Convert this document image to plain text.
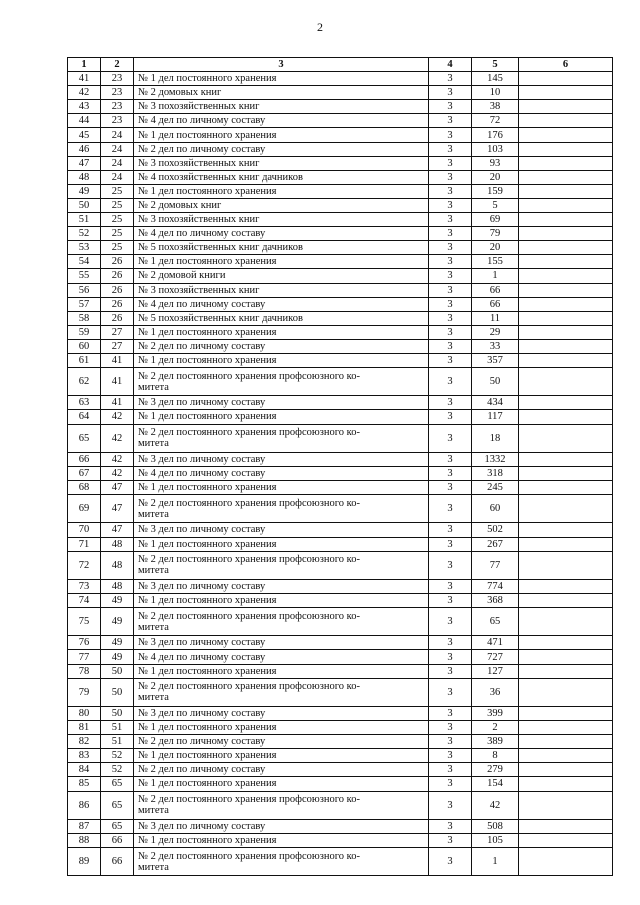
2
1	2	3	4	5	6
41	23	№ 1 дел постоянного хранения	3	145	
42	23	№ 2 домовых книг	3	10	
43	23	№ 3 похозяйственных книг	3	38	
44	23	№ 4 дел по личному составу	3	72	
45	24	№ 1 дел постоянного хранения	3	176	
46	24	№ 2 дел по личному составу	3	103	
47	24	№ 3 похозяйственных книг	3	93	
48	24	№ 4 похозяйственных книг дачников	3	20	
49	25	№ 1 дел постоянного хранения	3	159	
50	25	№ 2 домовых книг	3	5	
51	25	№ 3 похозяйственных книг	3	69	
52	25	№ 4 дел по личному составу	3	79	
53	25	№ 5 похозяйственных книг дачников	3	20	
54	26	№ 1 дел постоянного хранения	3	155	
55	26	№ 2 домовой книги	3	1	
56	26	№ 3 похозяйственных книг	3	66	
57	26	№ 4 дел по личному составу	3	66	
58	26	№ 5 похозяйственных книг дачников	3	11	
59	27	№ 1 дел постоянного хранения	3	29	
60	27	№ 2 дел по личному составу	3	33	
61	41	№ 1 дел постоянного хранения	3	357	
62	41	№ 2 дел постоянного хранения профсоюзного ко-
митета	3	50	
63	41	№ 3 дел по личному составу	3	434	
64	42	№ 1 дел постоянного хранения	3	117	
65	42	№ 2 дел постоянного хранения профсоюзного ко-
митета	3	18	
66	42	№ 3 дел по личному составу	3	1332	
67	42	№ 4 дел по личному составу	3	318	
68	47	№ 1 дел постоянного хранения	3	245	
69	47	№ 2 дел постоянного хранения профсоюзного ко-
митета	3	60	
70	47	№ 3 дел по личному составу	3	502	
71	48	№ 1 дел постоянного хранения	3	267	
72	48	№ 2 дел постоянного хранения профсоюзного ко-
митета	3	77	
73	48	№ 3 дел по личному составу	3	774	
74	49	№ 1 дел постоянного хранения	3	368	
75	49	№ 2 дел постоянного хранения профсоюзного ко-
митета	3	65	
76	49	№ 3 дел по личному составу	3	471	
77	49	№ 4 дел по личному составу	3	727	
78	50	№ 1 дел постоянного хранения	3	127	
79	50	№ 2 дел постоянного хранения профсоюзного ко-
митета	3	36	
80	50	№ 3 дел по личному составу	3	399	
81	51	№ 1 дел постоянного хранения	3	2	
82	51	№ 2 дел по личному составу	3	389	
83	52	№ 1 дел постоянного хранения	3	8	
84	52	№ 2 дел по личному составу	3	279	
85	65	№ 1 дел постоянного хранения	3	154	
86	65	№ 2 дел постоянного хранения профсоюзного ко-
митета	3	42	
87	65	№ 3 дел по личному составу	3	508	
88	66	№ 1 дел постоянного хранения	3	105	
89	66	№ 2 дел постоянного хранения профсоюзного ко-
митета	3	1	
